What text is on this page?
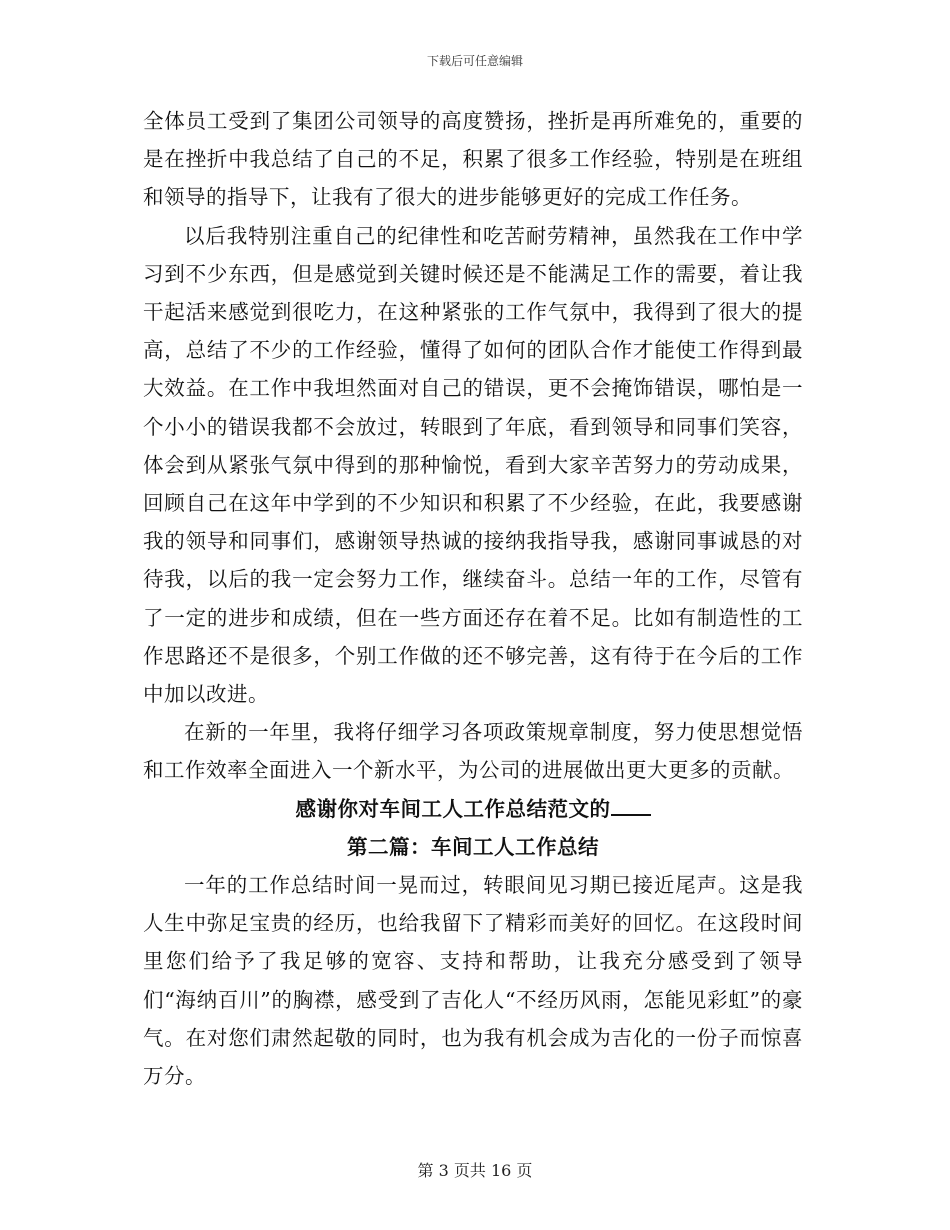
下载后可任意编辑

全体员工受到了集团公司领导的高度赞扬，挫折是再所难免的，重要的是在挫折中我总结了自己的不足，积累了很多工作经验，特别是在班组和领导的指导下，让我有了很大的进步能够更好的完成工作任务。

以后我特别注重自己的纪律性和吃苦耐劳精神，虽然我在工作中学习到不少东西，但是感觉到关键时候还是不能满足工作的需要，着让我干起活来感觉到很吃力，在这种紧张的工作气氛中，我得到了很大的提高，总结了不少的工作经验，懂得了如何的团队合作才能使工作得到最大效益。在工作中我坦然面对自己的错误，更不会掩饰错误，哪怕是一个小小的错误我都不会放过，转眼到了年底，看到领导和同事们笑容，体会到从紧张气氛中得到的那种愉悦，看到大家辛苦努力的劳动成果，回顾自己在这年中学到的不少知识和积累了不少经验，在此，我要感谢我的领导和同事们，感谢领导热诚的接纳我指导我，感谢同事诚恳的对待我，以后的我一定会努力工作，继续奋斗。总结一年的工作，尽管有了一定的进步和成绩，但在一些方面还存在着不足。比如有制造性的工作思路还不是很多，个别工作做的还不够完善，这有待于在今后的工作中加以改进。

在新的一年里，我将仔细学习各项政策规章制度，努力使思想觉悟和工作效率全面进入一个新水平，为公司的进展做出更大更多的贡献。

感谢你对车间工人工作总结范文的

第二篇：车间工人工作总结

一年的工作总结时间一晃而过，转眼间见习期已接近尾声。这是我人生中弥足宝贵的经历，也给我留下了精彩而美好的回忆。在这段时间里您们给予了我足够的宽容、支持和帮助，让我充分感受到了领导们“海纳百川”的胸襟，感受到了吉化人“不经历风雨，怎能见彩虹”的豪气。在对您们肃然起敬的同时，也为我有机会成为吉化的一份子而惊喜万分。

第 3 页共 16 页
